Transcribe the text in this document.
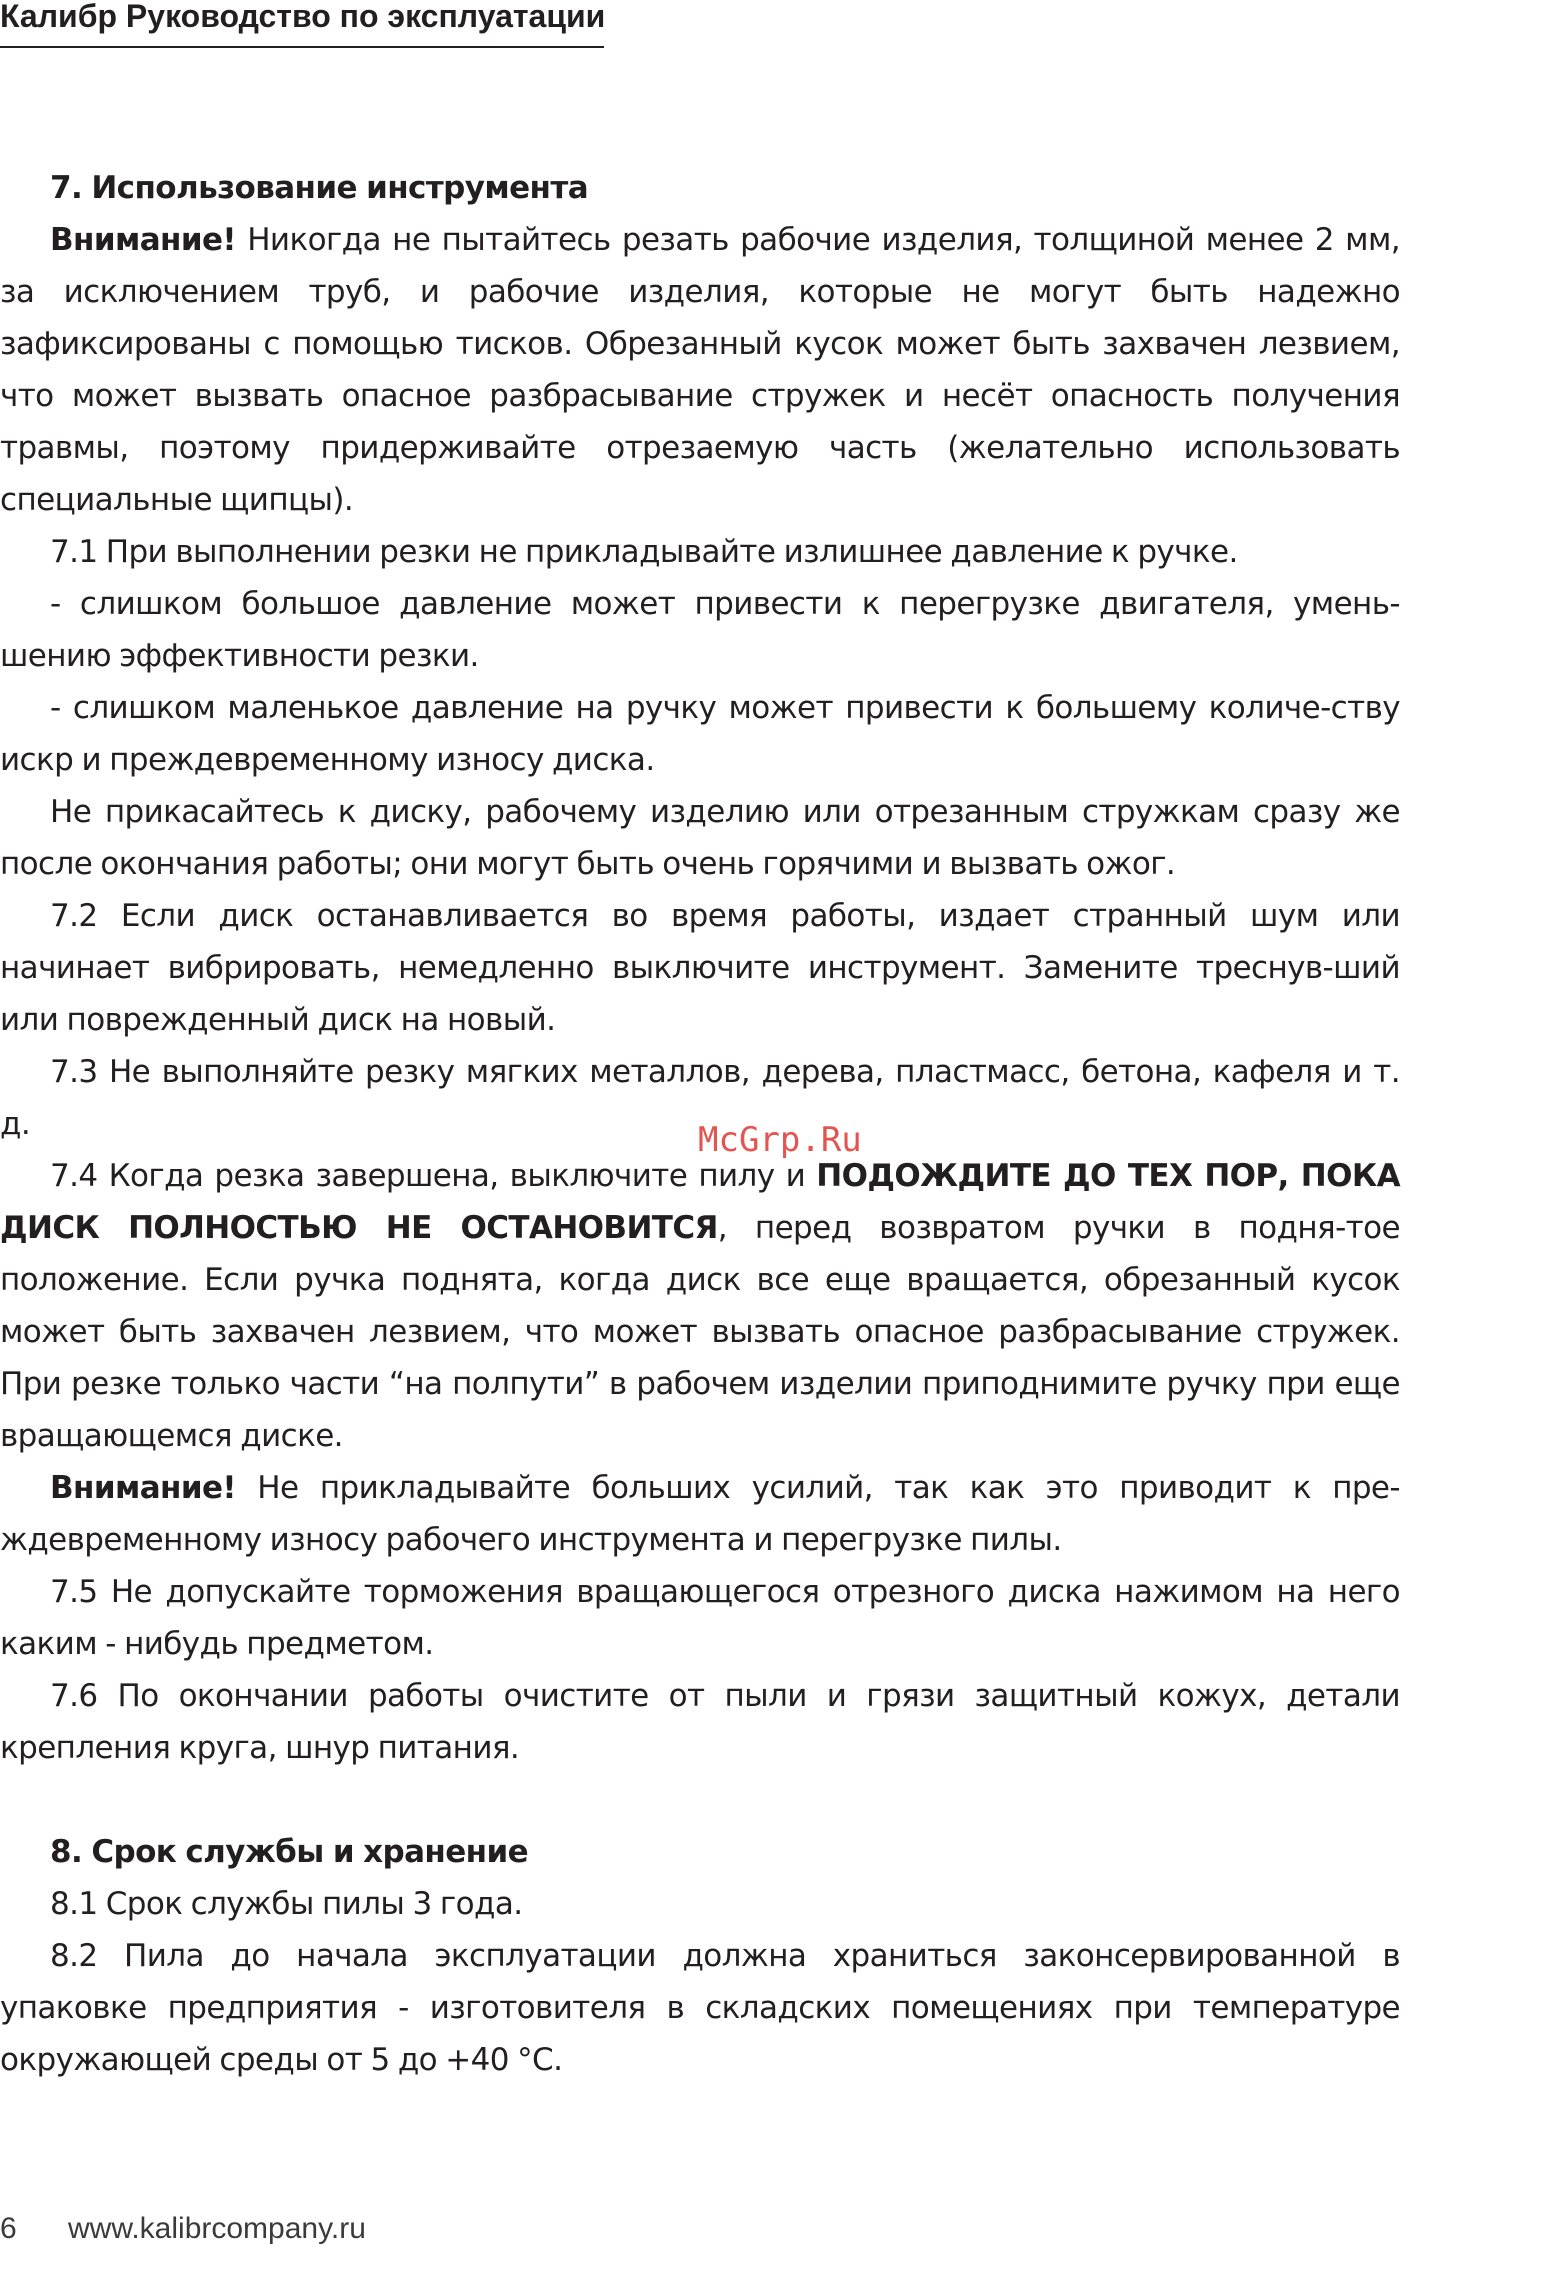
Калибр Руководство по эксплуатации
7. Использование инструмента

Внимание! Никогда не пытайтесь резать рабочие изделия, толщиной менее 2 мм, за исключением труб, и рабочие изделия, которые не могут быть надежно зафиксированы с помощью тисков. Обрезанный кусок может быть захвачен лезвием, что может вызвать опасное разбрасывание стружек и несёт опасность получения травмы, поэтому придерживайте отрезаемую часть (желательно использовать специальные щипцы).

7.1 При выполнении резки не прикладывайте излишнее давление к ручке.

- слишком большое давление может привести к перегрузке двигателя, умень-шению эффективности резки.

- слишком маленькое давление на ручку может привести к большему количе-ству искр и преждевременному износу диска.

Не прикасайтесь к диску, рабочему изделию или отрезанным стружкам сразу же после окончания работы; они могут быть очень горячими и вызвать ожог.

7.2 Если диск останавливается во время работы, издает странный шум или начинает вибрировать, немедленно выключите инструмент. Замените треснув-ший или поврежденный диск на новый.

7.3 Не выполняйте резку мягких металлов, дерева, пластмасс, бетона, кафеля и т. д.

7.4 Когда резка завершена, выключите пилу и ПОДОЖДИТЕ ДО ТЕХ ПОР, ПОКА ДИСК ПОЛНОСТЬЮ НЕ ОСТАНОВИТСЯ, перед возвратом ручки в подня-тое положение. Если ручка поднята, когда диск все еще вращается, обрезанный кусок может быть захвачен лезвием, что может вызвать опасное разбрасывание стружек. При резке только части “на полпути” в рабочем изделии приподнимите ручку при еще вращающемся диске.

Внимание! Не прикладывайте больших усилий, так как это приводит к пре-ждевременному износу рабочего инструмента и перегрузке пилы.

7.5 Не допускайте торможения вращающегося отрезного диска нажимом на него каким - нибудь предметом.

7.6 По окончании работы очистите от пыли и грязи защитный кожух, детали крепления круга, шнур питания.

8. Срок службы и хранение

8.1 Срок службы пилы 3 года.

8.2 Пила до начала эксплуатации должна храниться законсервированной в упаковке предприятия - изготовителя в складских помещениях при температуре окружающей среды от 5 до +40 °С.

McGrp.Ru
6 www.kalibrcompany.ru
